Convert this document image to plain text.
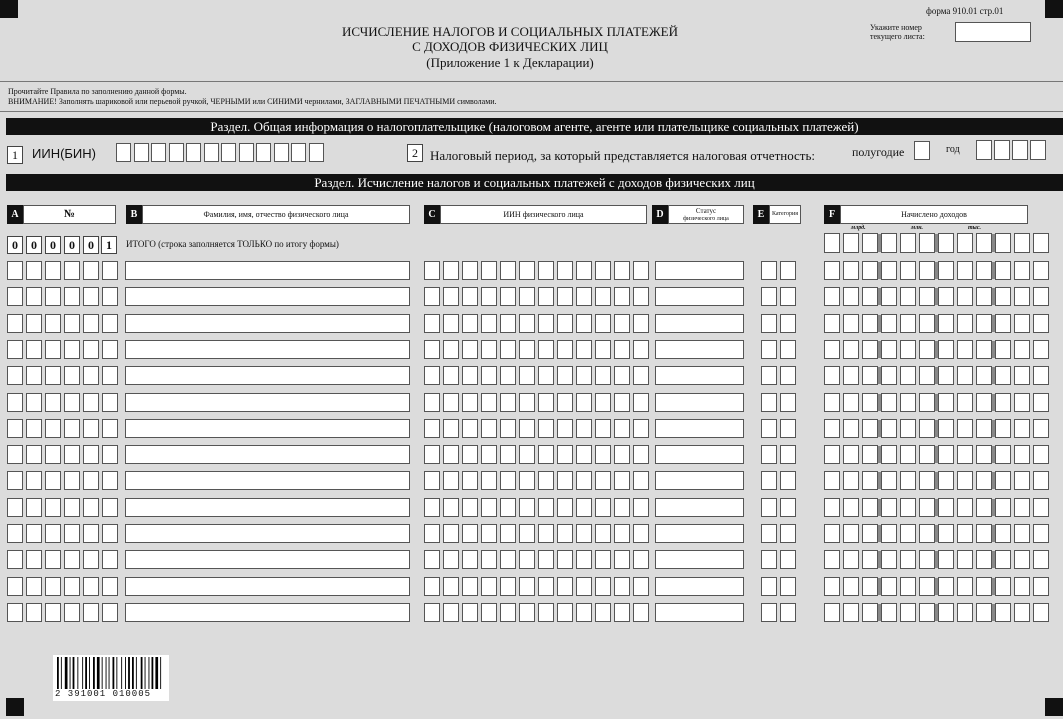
форма 910.01 стр.01
ИСЧИСЛЕНИЕ НАЛОГОВ И СОЦИАЛЬНЫХ ПЛАТЕЖЕЙ
С ДОХОДОВ ФИЗИЧЕСКИХ ЛИЦ
(Приложение 1 к Декларации)
Укажите номер
текущего листа:
Прочитайте Правила по заполнению данной формы.
ВНИМАНИЕ! Заполнять шариковой или перьевой ручкой, ЧЕРНЫМИ или СИНИМИ чернилами, ЗАГЛАВНЫМИ ПЕЧАТНЫМИ символами.
Раздел. Общая информация о налогоплательщике (налоговом агенте, агенте или плательщике социальных платежей)
1	ИИН(БИН)	2 Налоговый период, за который представляется налоговая отчетность:	полугодие	год
Раздел. Исчисление налогов и социальных платежей с доходов физических лиц
A	№	B	Фамилия, имя, отчество физического лица	C	ИИН физического лица	D	Статус
физического лица	E	Категория	F	Начислено доходов
млрд.	млн.	тыс.
0	0	0	0	0	1	ИТОГО (строка заполняется ТОЛЬКО по итогу формы)
2 391001 010005
